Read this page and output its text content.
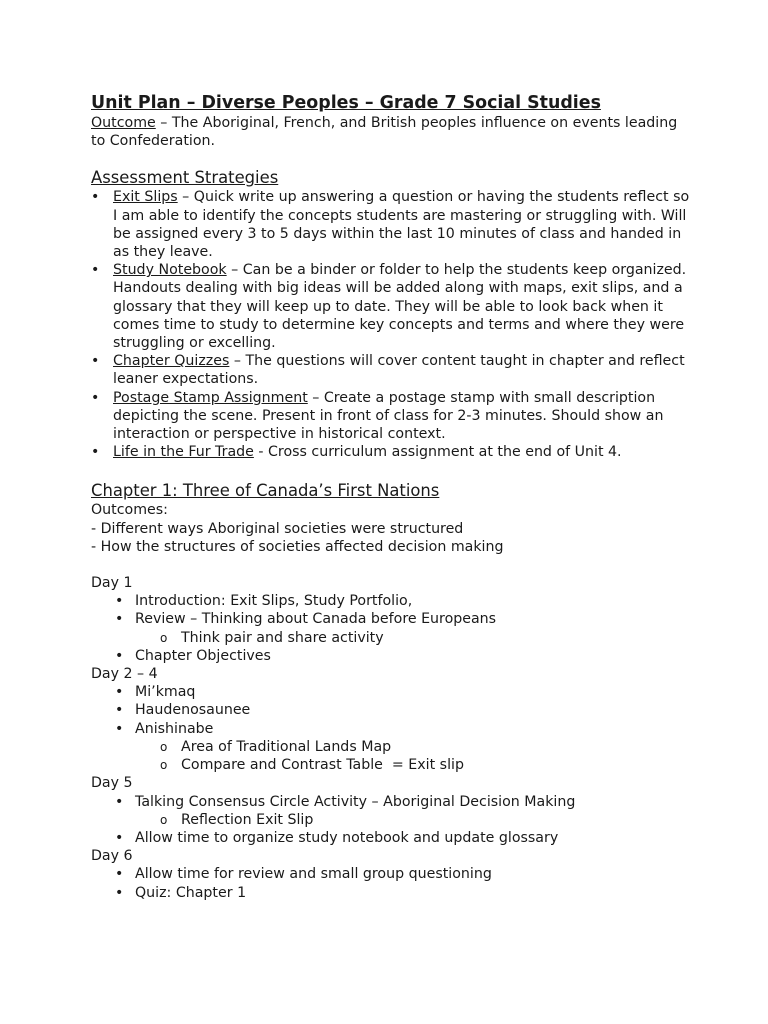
Unit Plan – Diverse Peoples – Grade 7 Social Studies

Outcome – The Aboriginal, French, and British peoples influence on events leading to Confederation.

Assessment Strategies

• Exit Slips – Quick write up answering a question or having the students reflect so I am able to identify the concepts students are mastering or struggling with. Will be assigned every 3 to 5 days within the last 10 minutes of class and handed in as they leave.
• Study Notebook – Can be a binder or folder to help the students keep organized. Handouts dealing with big ideas will be added along with maps, exit slips, and a glossary that they will keep up to date. They will be able to look back when it comes time to study to determine key concepts and terms and where they were struggling or excelling.
• Chapter Quizzes – The questions will cover content taught in chapter and reflect leaner expectations.
• Postage Stamp Assignment – Create a postage stamp with small description depicting the scene. Present in front of class for 2-3 minutes. Should show an interaction or perspective in historical context.
• Life in the Fur Trade - Cross curriculum assignment at the end of Unit 4.

Chapter 1: Three of Canada’s First Nations

Outcomes:

- Different ways Aboriginal societies were structured

- How the structures of societies affected decision making

Day 1

• Introduction: Exit Slips, Study Portfolio,
• Review – Thinking about Canada before Europeans
o Think pair and share activity
• Chapter Objectives

Day 2 – 4

• Mi’kmaq
• Haudenosaunee
• Anishinabe
o Area of Traditional Lands Map
o Compare and Contrast Table  = Exit slip

Day 5

• Talking Consensus Circle Activity – Aboriginal Decision Making
o Reflection Exit Slip
• Allow time to organize study notebook and update glossary

Day 6

• Allow time for review and small group questioning
• Quiz: Chapter 1
